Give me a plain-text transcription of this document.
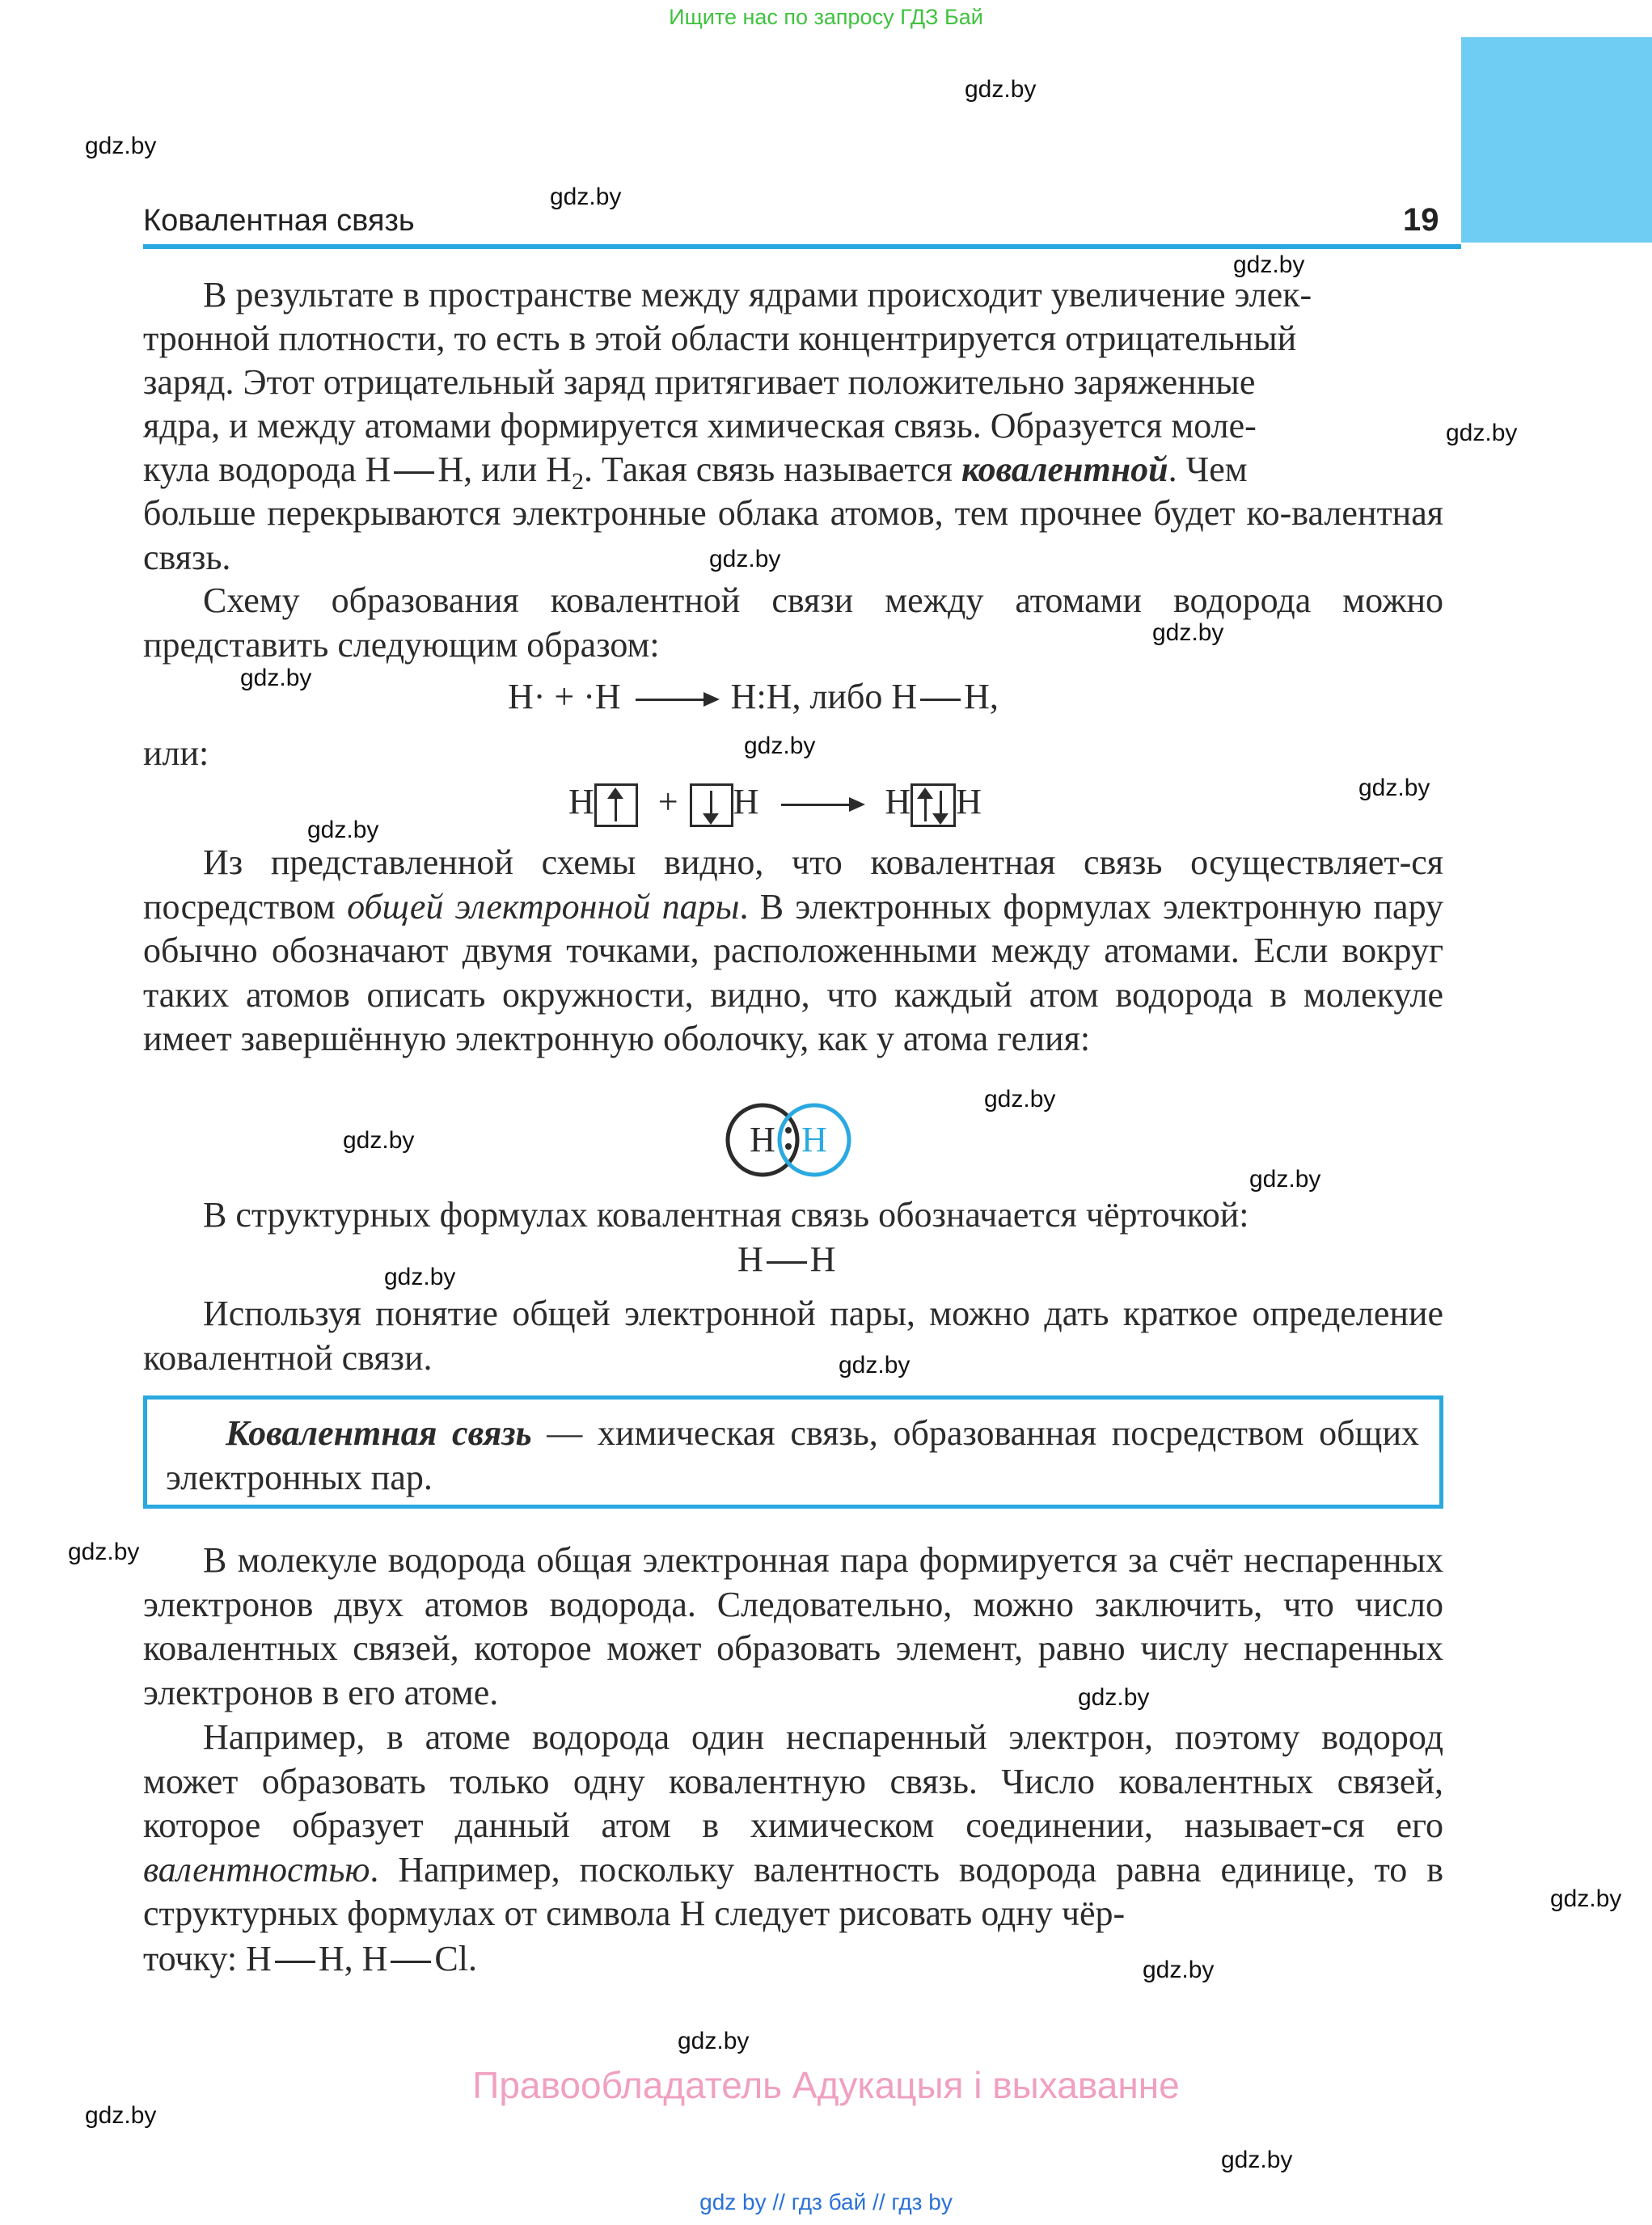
Ищите нас по запросу ГДЗ Бай
gdz.by
gdz.by
gdz.by
gdz.by
gdz.by
gdz.by
gdz.by
gdz.by
gdz.by
gdz.by
gdz.by
gdz.by
gdz.by
gdz.by
gdz.by
gdz.by
gdz.by
gdz.by
gdz.by
gdz.by
gdz.by
gdz.by
gdz.by
Ковалентная связь	19
В результате в пространстве между ядрами происходит увеличение элек-
тронной плотности, то есть в этой области концентрируется отрицательный
заряд. Этот отрицательный заряд притягивает положительно заряженные
ядра, и между атомами формируется химическая связь. Образуется моле-
кула водорода H H, или $H_2$. Такая связь называется ковалентной. Чем
больше перекрываются электронные облака атомов, тем прочнее будет ко-валентная связь.
Схему образования ковалентной связи между атомами водорода можно представить следующим образом:
H· + ·H → H:H, либо H H,
или:
H + H → H H
Из представленной схемы видно, что ковалентная связь осуществляет-ся посредством общей электронной пары. В электронных формулах электронную пару обычно обозначают двумя точками, расположенными между атомами. Если вокруг таких атомов описать окружности, видно, что каждый атом водорода в молекуле имеет завершённую электронную оболочку, как у атома гелия:
H H
В структурных формулах ковалентная связь обозначается чёрточкой:
H H
Используя понятие общей электронной пары, можно дать краткое определение ковалентной связи.
Ковалентная связь — химическая связь, образованная посредством общих электронных пар.
В молекуле водорода общая электронная пара формируется за счёт неспаренных электронов двух атомов водорода. Следовательно, можно заключить, что число ковалентных связей, которое может образовать элемент, равно числу неспаренных электронов в его атоме.
Например, в атоме водорода один неспаренный электрон, поэтому водород может образовать только одну ковалентную связь. Число ковалентных связей, которое образует данный атом в химическом соединении, называет-ся его валентностью. Например, поскольку валентность водорода равна единице, то в структурных формулах от символа H следует рисовать одну чёр-
точку: H H, H Cl.
Правообладатель Адукацыя і выхаванне
gdz by // гдз бай // гдз by
